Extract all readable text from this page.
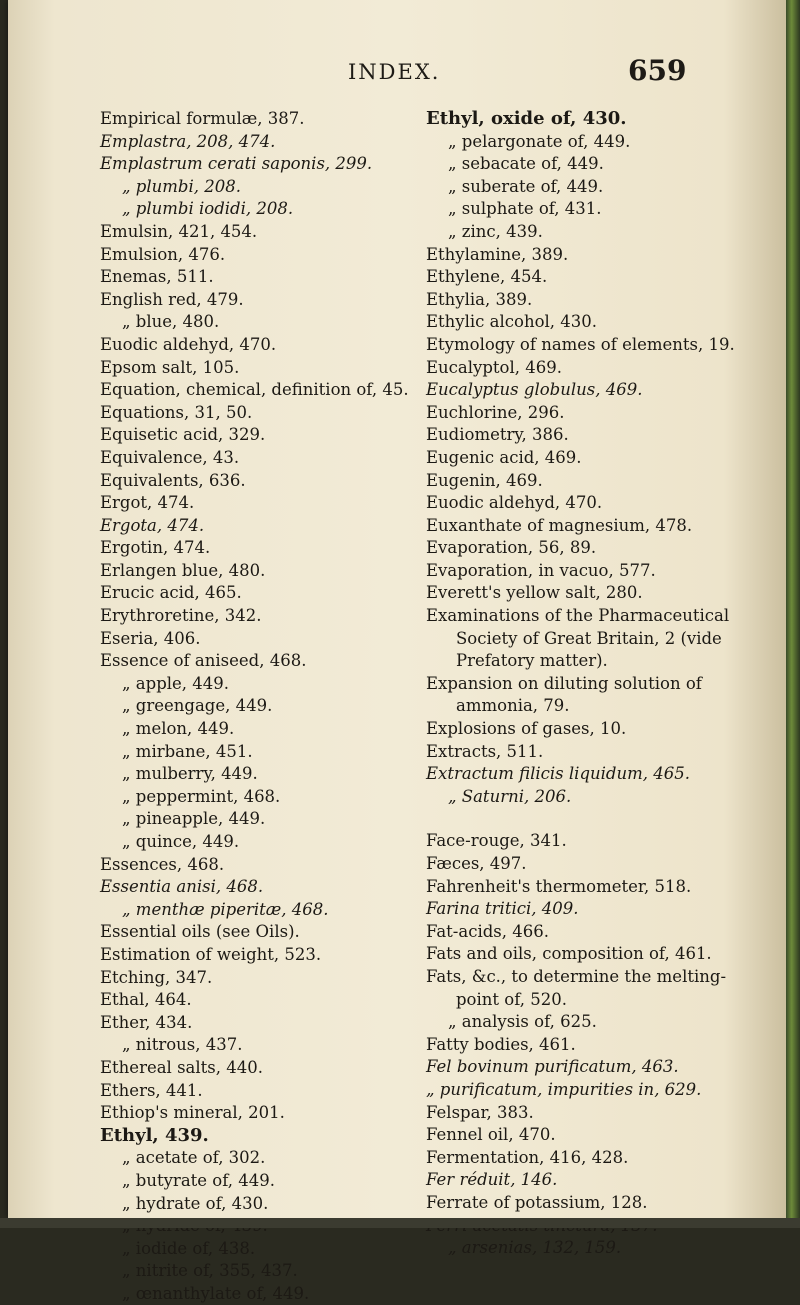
INDEX.	659
Empirical formulæ, 387.
Emplastra, 208, 474.
Emplastrum cerati saponis, 299.
„ plumbi, 208.
„ plumbi iodidi, 208.
Emulsin, 421, 454.
Emulsion, 476.
Enemas, 511.
English red, 479.
„ blue, 480.
Euodic aldehyd, 470.
Epsom salt, 105.
Equation, chemical, definition of, 45.
Equations, 31, 50.
Equisetic acid, 329.
Equivalence, 43.
Equivalents, 636.
Ergot, 474.
Ergota, 474.
Ergotin, 474.
Erlangen blue, 480.
Erucic acid, 465.
Erythroretine, 342.
Eseria, 406.
Essence of aniseed, 468.
„ apple, 449.
„ greengage, 449.
„ melon, 449.
„ mirbane, 451.
„ mulberry, 449.
„ peppermint, 468.
„ pineapple, 449.
„ quince, 449.
Essences, 468.
Essentia anisi, 468.
„ menthæ piperitæ, 468.
Essential oils (see Oils).
Estimation of weight, 523.
Etching, 347.
Ethal, 464.
Ether, 434.
„ nitrous, 437.
Ethereal salts, 440.
Ethers, 441.
Ethiop's mineral, 201.
Ethyl, 439.
„ acetate of, 302.
„ butyrate of, 449.
„ hydrate of, 430.
„ iodide of, 438.
„ nitrite of, 355, 437.
„ œnanthylate of, 449.
Ethyl, oxide of, 430.
„ pelargonate of, 449.
„ sebacate of, 449.
„ suberate of, 449.
„ sulphate of, 431.
„ zinc, 439.
Ethylamine, 389.
Ethylene, 454.
Ethylia, 389.
Ethylic alcohol, 430.
Etymology of names of elements, 19.
Eucalyptol, 469.
Eucalyptus globulus, 469.
Euchlorine, 296.
Eudiometry, 386.
Eugenic acid, 469.
Eugenin, 469.
Euodic aldehyd, 470.
Euxanthate of magnesium, 478.
Evaporation, 56, 89.
Evaporation, in vacuo, 577.
Everett's yellow salt, 280.
Examinations of the Pharmaceutical Society of Great Britain, 2 (vide Prefatory matter).
Expansion on diluting solution of ammonia, 79.
Explosions of gases, 10.
Extracts, 511.
Extractum filicis liquidum, 465.
„ Saturni, 206.
Face-rouge, 341.
Fæces, 497.
Fahrenheit's thermometer, 518.
Farina tritici, 409.
Fat-acids, 466.
Fats and oils, composition of, 461.
Fats, &c., to determine the melting-point of, 520.
„ analysis of, 625.
Fatty bodies, 461.
Fel bovinum purificatum, 463.
„ purificatum, impurities in, 629.
Felspar, 383.
Fennel oil, 470.
Fermentation, 416, 428.
Fer réduit, 146.
Ferrate of potassium, 128.
„ arsenias, 132, 159.
